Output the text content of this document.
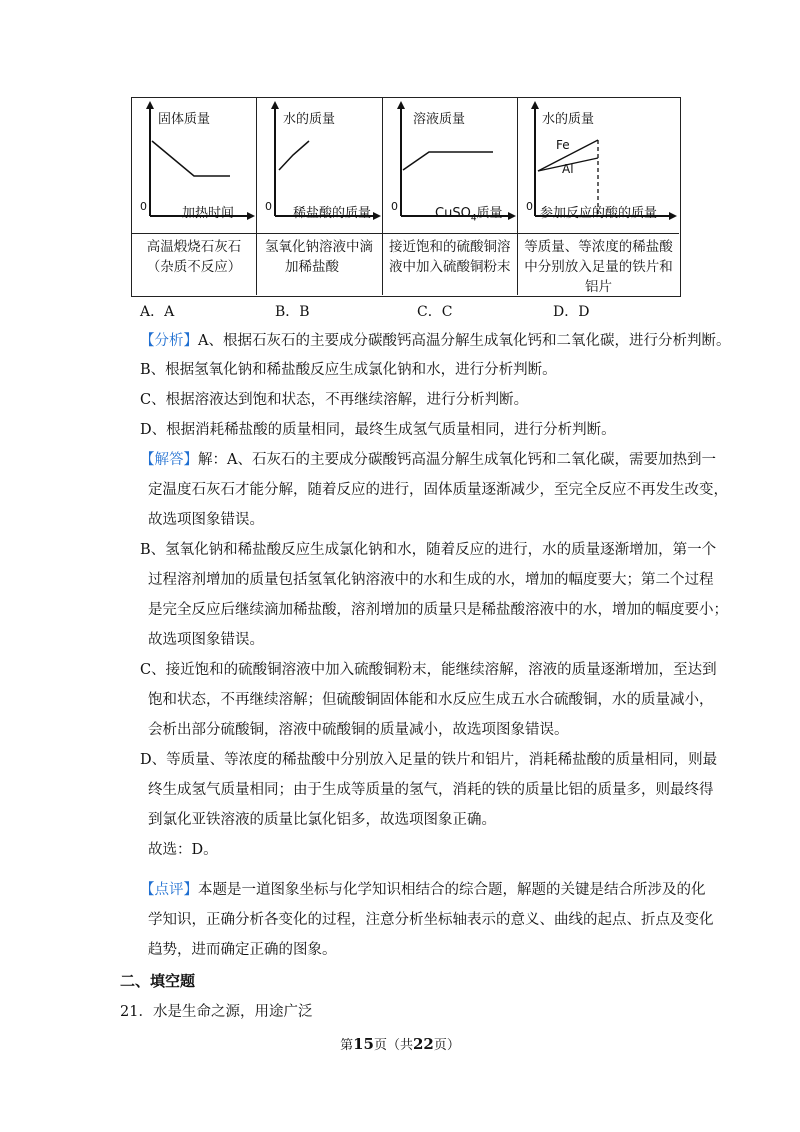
固体质量
0	加热时间
高温煅烧石灰石
（杂质不反应）
水的质量
0 稀盐酸的质量
氢氧化钠溶液中滴
加稀盐酸
溶液质量
0	CuSO$_4$质量
接近饱和的硫酸铜溶
液中加入硫酸铜粉末
水的质量
Fe
Al
0 参加反应的酸的质量
等质量、等浓度的稀盐酸
中分别放入足量的铁片和
铝片
A．A	B．B	C．C	D．D
【分析】A、根据石灰石的主要成分碳酸钙高温分解生成氧化钙和二氧化碳，进行分析判断。
B、根据氢氧化钠和稀盐酸反应生成氯化钠和水，进行分析判断。
C、根据溶液达到饱和状态，不再继续溶解，进行分析判断。
D、根据消耗稀盐酸的质量相同，最终生成氢气质量相同，进行分析判断。
【解答】解：A、石灰石的主要成分碳酸钙高温分解生成氧化钙和二氧化碳，需要加热到一
定温度石灰石才能分解，随着反应的进行，固体质量逐渐减少，至完全反应不再发生改变，
故选项图象错误。
B、氢氧化钠和稀盐酸反应生成氯化钠和水，随着反应的进行，水的质量逐渐增加，第一个
过程溶剂增加的质量包括氢氧化钠溶液中的水和生成的水，增加的幅度要大；第二个过程
是完全反应后继续滴加稀盐酸，溶剂增加的质量只是稀盐酸溶液中的水，增加的幅度要小；
故选项图象错误。
C、接近饱和的硫酸铜溶液中加入硫酸铜粉末，能继续溶解，溶液的质量逐渐增加，至达到
饱和状态，不再继续溶解；但硫酸铜固体能和水反应生成五水合硫酸铜，水的质量减小，
会析出部分硫酸铜，溶液中硫酸铜的质量减小，故选项图象错误。
D、等质量、等浓度的稀盐酸中分别放入足量的铁片和铝片，消耗稀盐酸的质量相同，则最
终生成氢气质量相同；由于生成等质量的氢气，消耗的铁的质量比铝的质量多，则最终得
到氯化亚铁溶液的质量比氯化铝多，故选项图象正确。
故选：D。
【点评】本题是一道图象坐标与化学知识相结合的综合题，解题的关键是结合所涉及的化
学知识，正确分析各变化的过程，注意分析坐标轴表示的意义、曲线的起点、折点及变化
趋势，进而确定正确的图象。
二、填空题
21．水是生命之源，用途广泛
第15页（共22页）
